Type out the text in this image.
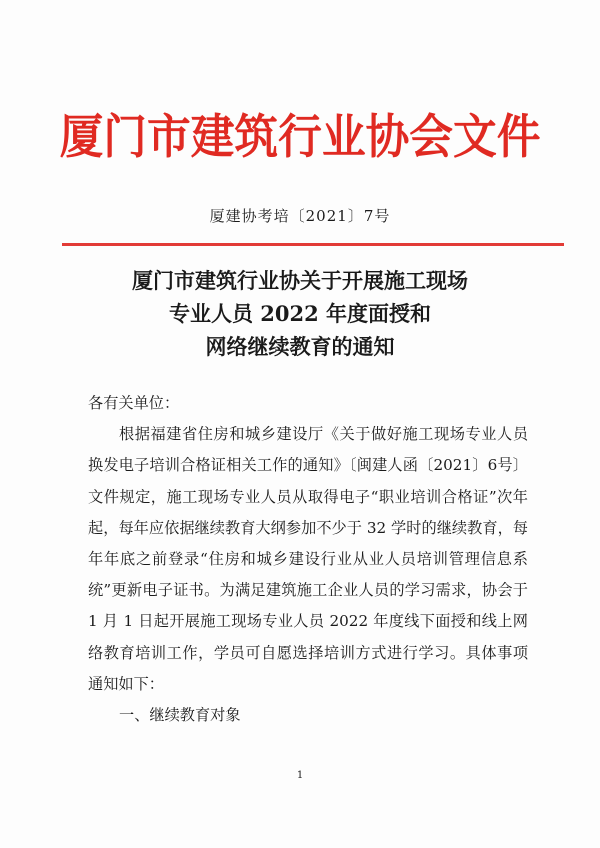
厦门市建筑行业协会文件
厦建协考培〔2021〕7号
厦门市建筑行业协关于开展施工现场
专业人员 2022 年度面授和
网络继续教育的通知

各有关单位：

根据福建省住房和城乡建设厅《关于做好施工现场专业人员换发电子培训合格证相关工作的通知》〔闽建人函〔2021〕6号〕文件规定，施工现场专业人员从取得电子“职业培训合格证”次年起，每年应依据继续教育大纲参加不少于 32 学时的继续教育，每年年底之前登录“住房和城乡建设行业从业人员培训管理信息系统”更新电子证书。为满足建筑施工企业人员的学习需求，协会于 1 月 1 日起开展施工现场专业人员 2022 年度线下面授和线上网络教育培训工作，学员可自愿选择培训方式进行学习。具体事项通知如下：

一、继续教育对象

1
